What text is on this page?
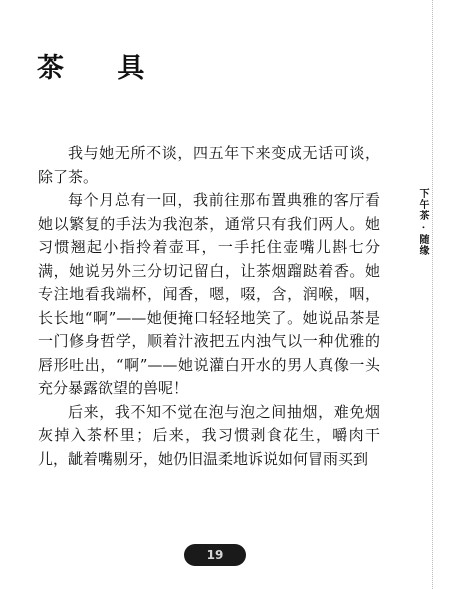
茶 具

我与她无所不谈，四五年下来变成无话可谈，除了茶。

每个月总有一回，我前往那布置典雅的客厅看她以繁复的手法为我泡茶，通常只有我们两人。她习惯翘起小指拎着壶耳，一手托住壶嘴儿斟七分满，她说另外三分切记留白，让茶烟蹓跶着香。她专注地看我端杯，闻香，嗯，啜，含，润喉，咽，长长地“啊”——她便掩口轻轻地笑了。她说品茶是一门修身哲学，顺着汁液把五内浊气以一种优雅的唇形吐出，“啊”——她说灌白开水的男人真像一头充分暴露欲望的兽呢！

后来，我不知不觉在泡与泡之间抽烟，难免烟灰掉入茶杯里；后来，我习惯剥食花生，嚼肉干儿，龇着嘴剔牙，她仍旧温柔地诉说如何冒雨买到

下午茶 · 随缘
19
